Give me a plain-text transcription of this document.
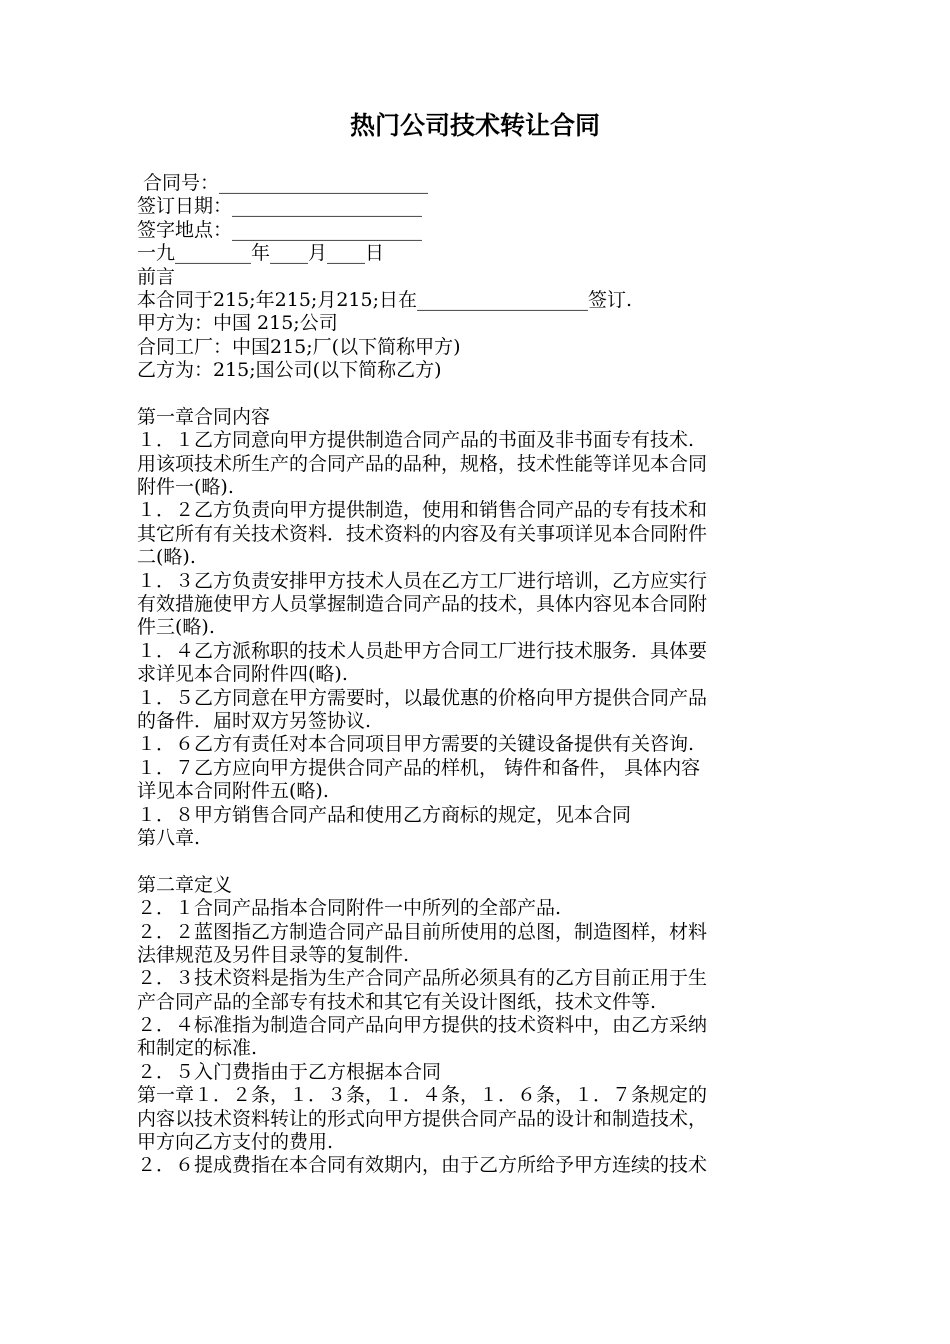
热门公司技术转让合同
合同号：______________________
签订日期：____________________
签字地点：____________________
一九________年____月____日
前言
本合同于215;年215;月215;日在__________________签订.
甲方为：中国 215;公司
合同工厂：中国215;厂(以下简称甲方)
乙方为：215;国公司(以下简称乙方)
第一章合同内容
１．１乙方同意向甲方提供制造合同产品的书面及非书面专有技术.
用该项技术所生产的合同产品的品种，规格，技术性能等详见本合同
附件一(略).
１．２乙方负责向甲方提供制造，使用和销售合同产品的专有技术和
其它所有有关技术资料．技术资料的内容及有关事项详见本合同附件
二(略).
１．３乙方负责安排甲方技术人员在乙方工厂进行培训，乙方应实行
有效措施使甲方人员掌握制造合同产品的技术，具体内容见本合同附
件三(略).
１．４乙方派称职的技术人员赴甲方合同工厂进行技术服务．具体要
求详见本合同附件四(略).
１．５乙方同意在甲方需要时，以最优惠的价格向甲方提供合同产品
的备件．届时双方另签协议.
１．６乙方有责任对本合同项目甲方需要的关键设备提供有关咨询.
１．７乙方应向甲方提供合同产品的样机， 铸件和备件， 具体内容
详见本合同附件五(略).
１．８甲方销售合同产品和使用乙方商标的规定，见本合同
第八章.
第二章定义
２．１合同产品指本合同附件一中所列的全部产品.
２．２蓝图指乙方制造合同产品目前所使用的总图，制造图样，材料
法律规范及另件目录等的复制件.
２．３技术资料是指为生产合同产品所必须具有的乙方目前正用于生
产合同产品的全部专有技术和其它有关设计图纸，技术文件等.
２．４标准指为制造合同产品向甲方提供的技术资料中，由乙方采纳
和制定的标准.
２．５入门费指由于乙方根据本合同
第一章１．２条，１．３条，１．４条，１．６条，１．７条规定的
内容以技术资料转让的形式向甲方提供合同产品的设计和制造技术，
甲方向乙方支付的费用.
２．６提成费指在本合同有效期内，由于乙方所给予甲方连续的技术
